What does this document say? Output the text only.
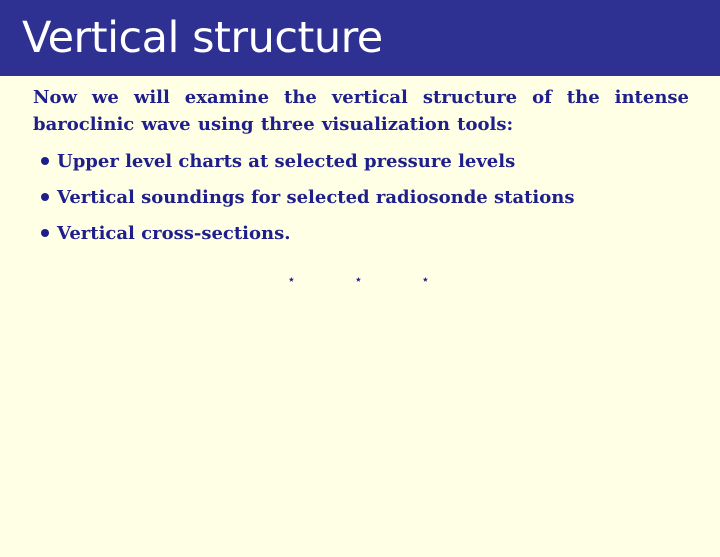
Vertical structure

Now we will examine the vertical structure of the intense baroclinic wave using three visualization tools:

Upper level charts at selected pressure levels
Vertical soundings for selected radiosonde stations
Vertical cross-sections.
⋆	⋆	⋆
